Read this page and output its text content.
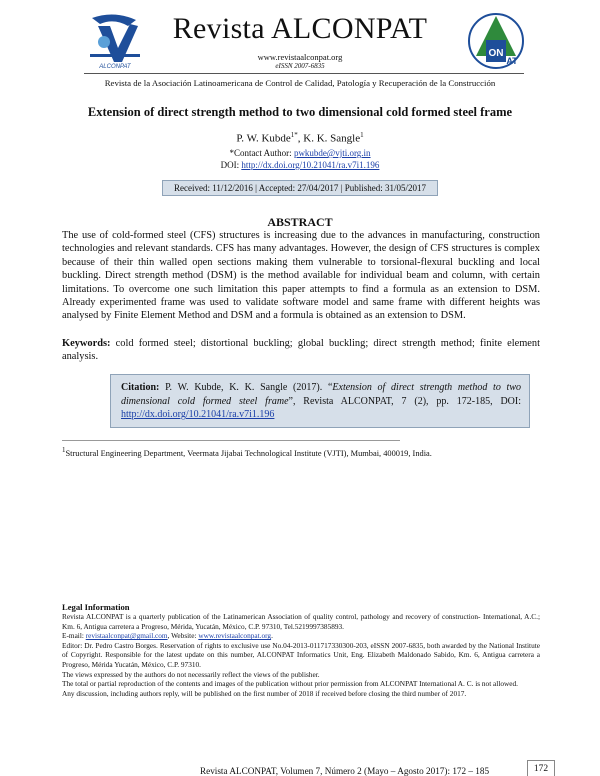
ALCONPAT
Revista ALCONPAT
www.revistaalconpat.org
eISSN 2007-6835
ON
AT
Revista de la Asociación Latinoamericana de Control de Calidad, Patología y Recuperación de la Construcción
Extension of direct strength method to two dimensional cold formed steel frame
P. W. Kubde$^{1*}$, K. K. Sangle$^1$
*Contact Author: pwkubde@vjti.org.in
DOI: http://dx.doi.org/10.21041/ra.v7i1.196
Received: 11/12/2016 | Accepted: 27/04/2017 | Published: 31/05/2017
ABSTRACT
The use of cold-formed steel (CFS) structures is increasing due to the advances in manufacturing, construction technologies and relevant standards. CFS has many advantages. However, the design of CFS structures is complex because of their thin walled open sections making them vulnerable to torsional-flexural buckling and local buckling. Direct strength method (DSM) is the method available for individual beam and column, with certain limitations. To overcome one such limitation this paper attempts to find a formula as an extension to DSM. Already experimented frame was used to validate software model and same frame with different heights was analysed by Finite Element Method and DSM and a formula is obtained as an extension to DSM.
Keywords: cold formed steel; distortional buckling; global buckling; direct strength method; finite element analysis.
Citation: P. W. Kubde, K. K. Sangle (2017). “Extension of direct strength method to two dimensional cold formed steel frame”, Revista ALCONPAT, 7 (2), pp. 172-185, DOI: http://dx.doi.org/10.21041/ra.v7i1.196
$^1$Structural Engineering Department, Veermata Jijabai Technological Institute (VJTI), Mumbai, 400019, India.
Legal Information

Revista ALCONPAT is a quarterly publication of the Latinamerican Association of quality control, pathology and recovery of construction- International, A.C.; Km. 6, Antigua carretera a Progreso, Mérida, Yucatán, México, C.P. 97310, Tel.5219997385893.

E-mail: revistaalconpat@gmail.com, Website: www.revistaalconpat.org.

Editor: Dr. Pedro Castro Borges. Reservation of rights to exclusive use No.04-2013-011717330300-203, eISSN 2007-6835, both awarded by the National Institute of Copyright. Responsible for the latest update on this number, ALCONPAT Informatics Unit, Eng. Elizabeth Maldonado Sabido, Km. 6, Antigua carretera a Progreso, Mérida Yucatán, México, C.P. 97310.

The views expressed by the authors do not necessarily reflect the views of the publisher.

The total or partial reproduction of the contents and images of the publication without prior permission from ALCONPAT International A. C. is not allowed.

Any discussion, including authors reply, will be published on the first number of 2018 if received before closing the third number of 2017.

Revista ALCONPAT, Volumen 7, Número 2 (Mayo – Agosto 2017): 172 – 185	172
